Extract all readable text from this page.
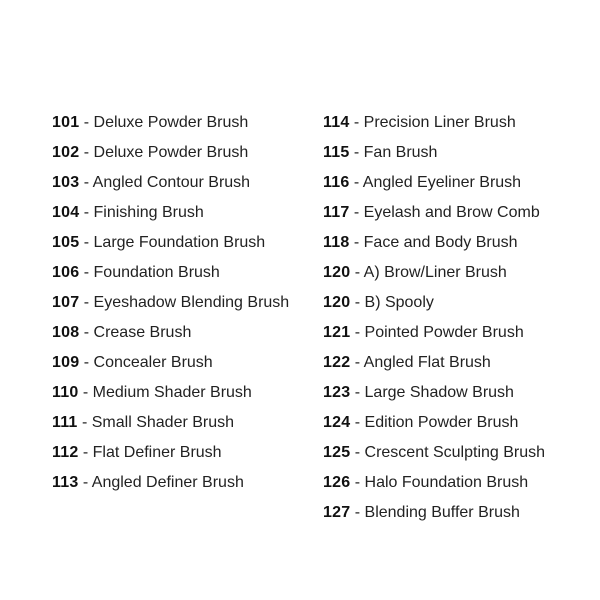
101 - Deluxe Powder Brush
102 - Deluxe Powder Brush
103 - Angled Contour Brush
104 - Finishing Brush
105 - Large Foundation Brush
106 - Foundation Brush
107 - Eyeshadow Blending Brush
108 - Crease Brush
109 - Concealer Brush
110 - Medium Shader Brush
111 - Small Shader Brush
112 - Flat Definer Brush
113 - Angled Definer Brush
114 - Precision Liner Brush
115 - Fan Brush
116 - Angled Eyeliner Brush
117 - Eyelash and Brow Comb
118 - Face and Body Brush
120 - A) Brow/Liner Brush
120 - B) Spooly
121 - Pointed Powder Brush
122 - Angled Flat Brush
123 - Large Shadow Brush
124 - Edition Powder Brush
125 - Crescent Sculpting Brush
126 - Halo Foundation Brush
127 - Blending Buffer Brush
